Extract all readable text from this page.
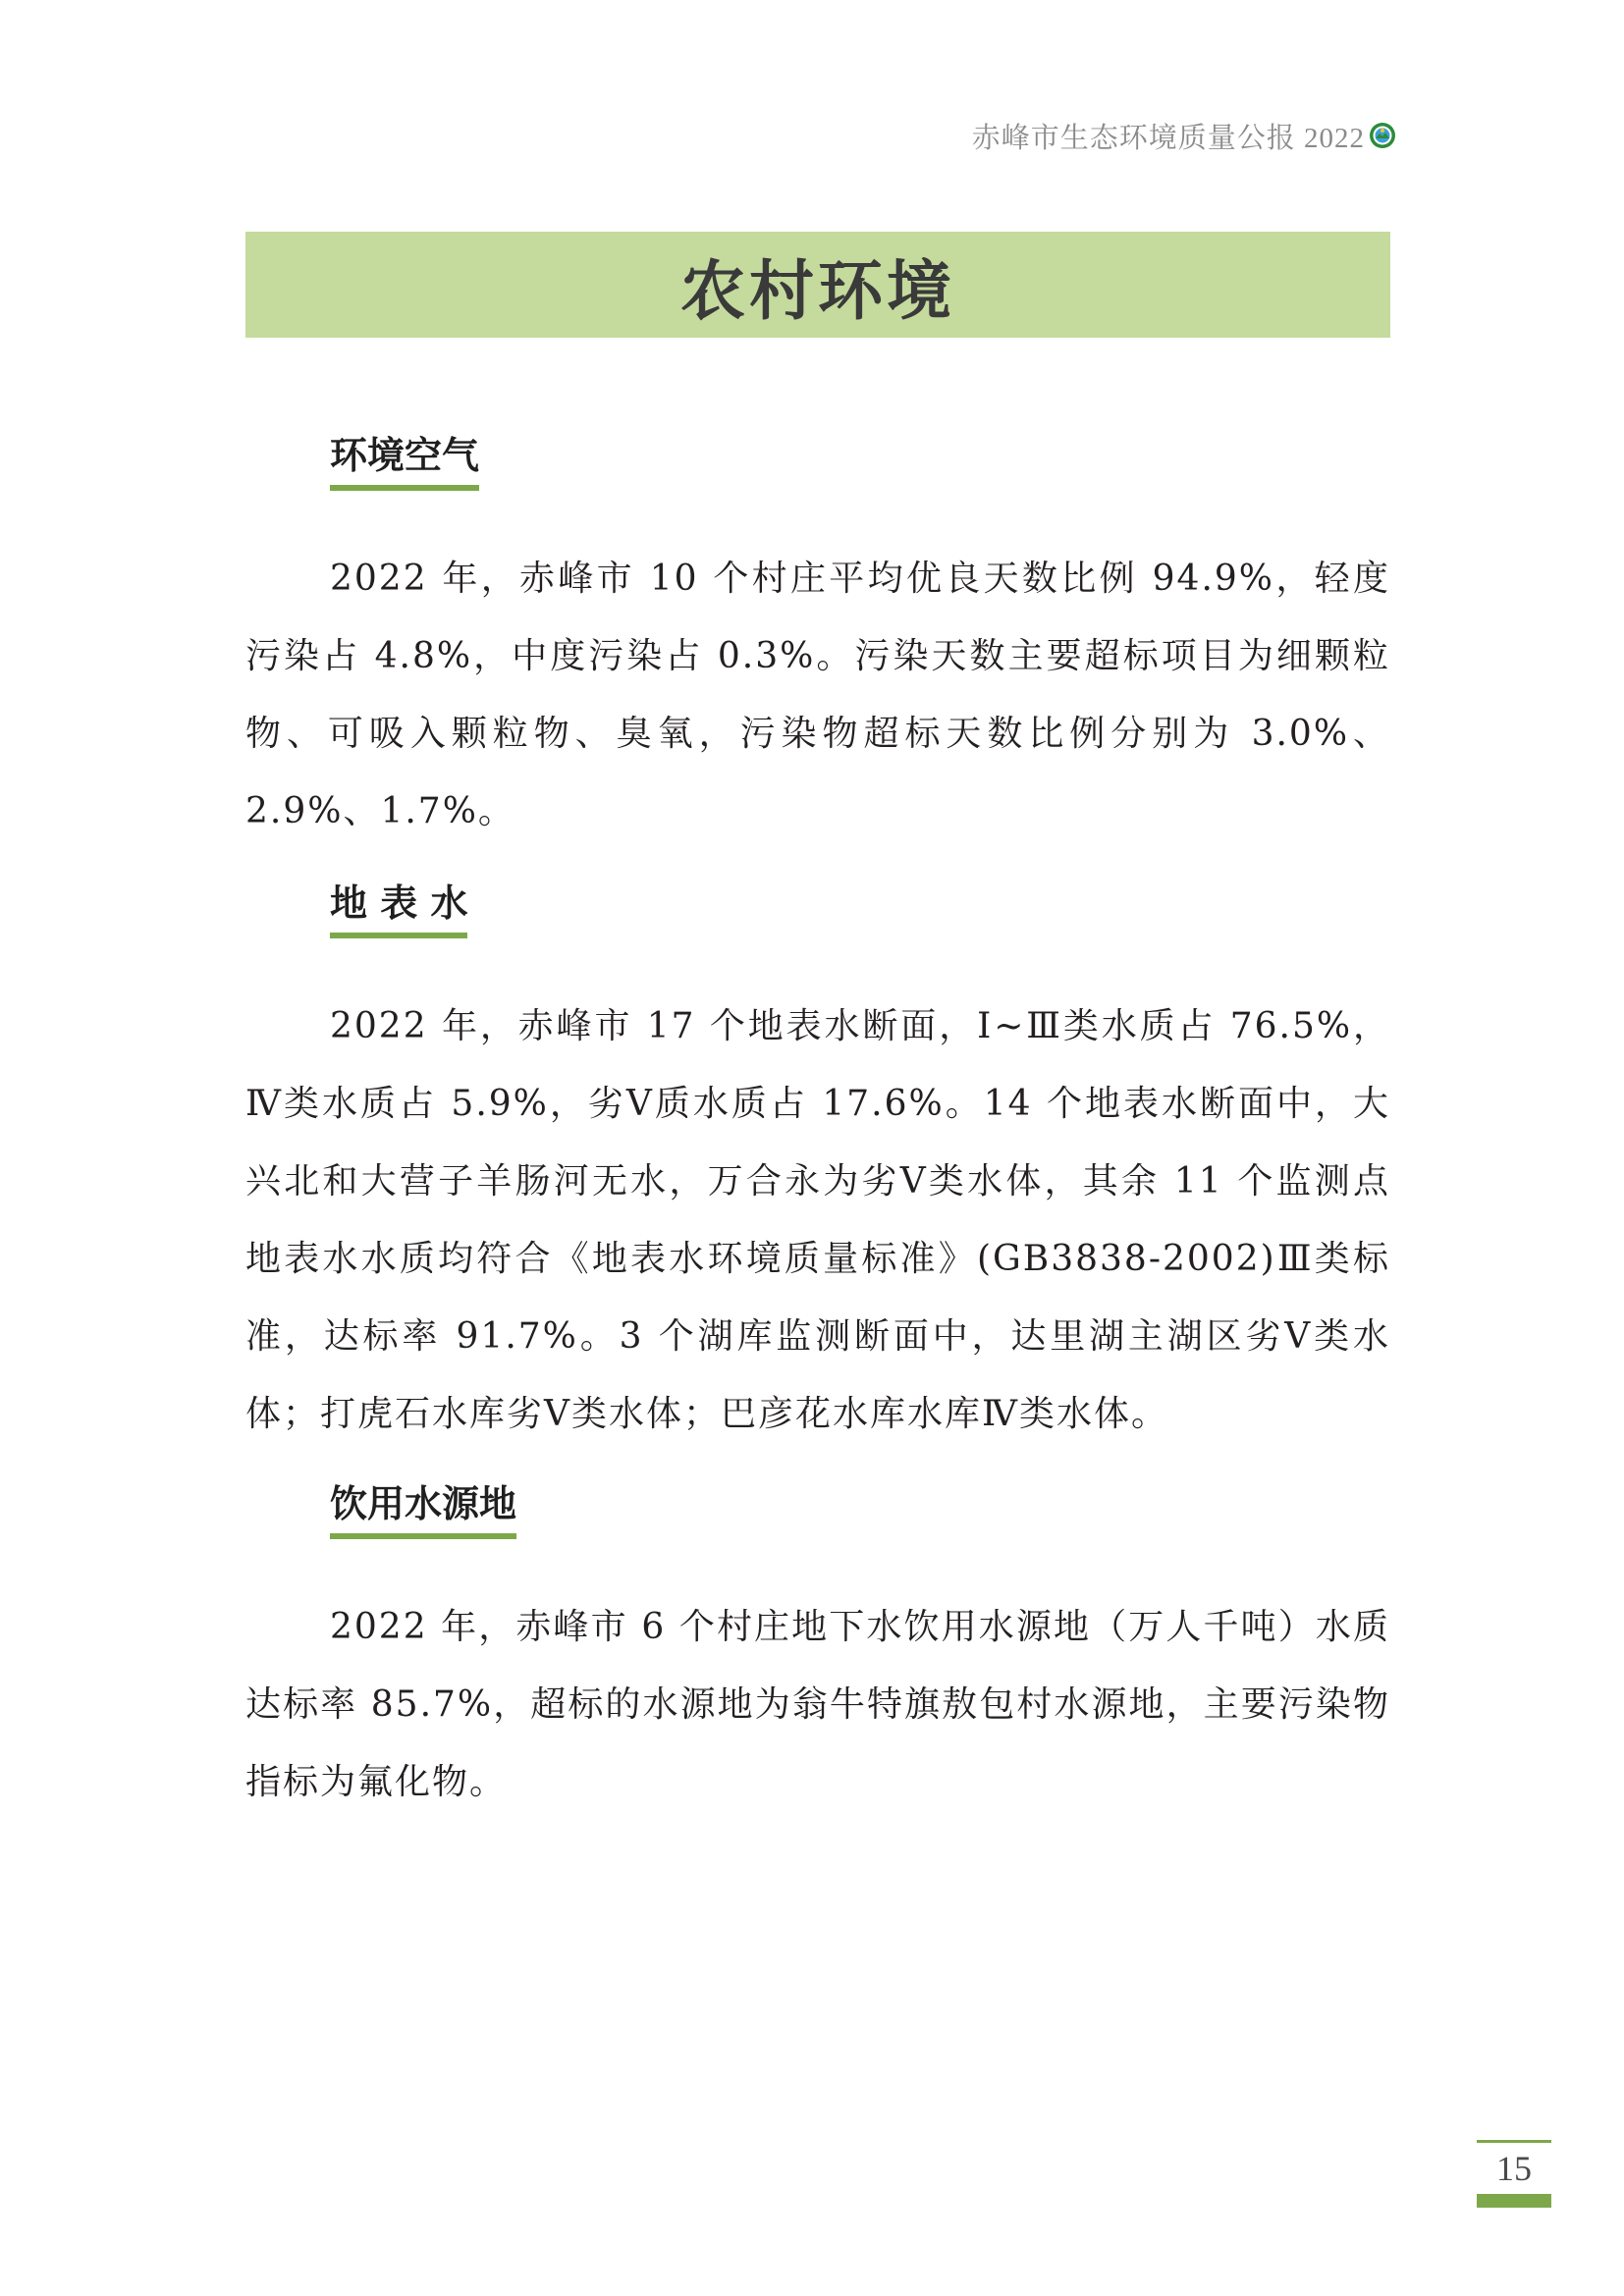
赤峰市生态环境质量公报 2022
农村环境
环境空气

2022 年，赤峰市 10 个村庄平均优良天数比例 94.9%，轻度污染占 4.8%，中度污染占 0.3%。污染天数主要超标项目为细颗粒物、可吸入颗粒物、臭氧，污染物超标天数比例分别为 3.0%、2.9%、1.7%。

地 表 水

2022 年，赤峰市 17 个地表水断面，Ⅰ~Ⅲ类水质占 76.5%，Ⅳ类水质占 5.9%，劣Ⅴ质水质占 17.6%。14 个地表水断面中，大兴北和大营子羊肠河无水，万合永为劣Ⅴ类水体，其余 11 个监测点地表水水质均符合《地表水环境质量标准》(GB3838-2002)Ⅲ类标准，达标率 91.7%。3 个湖库监测断面中，达里湖主湖区劣Ⅴ类水体；打虎石水库劣Ⅴ类水体；巴彦花水库水库Ⅳ类水体。

饮用水源地

2022 年，赤峰市 6 个村庄地下水饮用水源地（万人千吨）水质达标率 85.7%，超标的水源地为翁牛特旗敖包村水源地，主要污染物指标为氟化物。

15
